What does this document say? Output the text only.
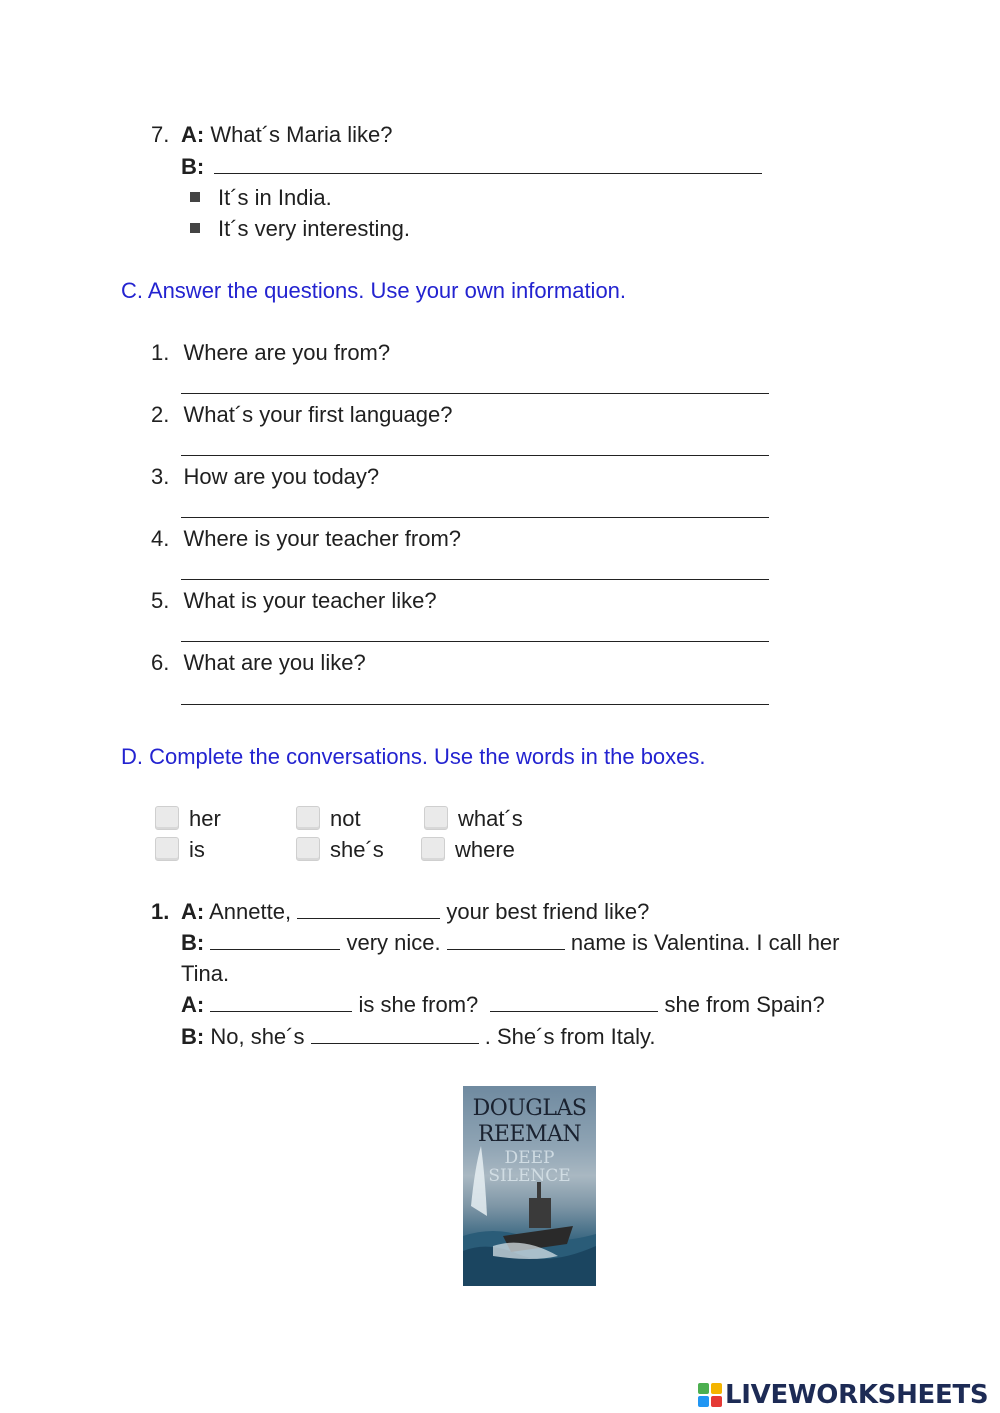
7. A: What´s Maria like?
B:
It´s in India.
It´s very interesting.
C. Answer the questions. Use your own information.
1. Where are you from?
2. What´s your first language?
3. How are you today?
4. Where is your teacher from?
5. What is your teacher like?
6. What are you like?
D. Complete the conversations. Use the words in the boxes.
her	not	what´s
is	she´s	where
1. A: Annette,	your best friend like?
B:	very nice.	name is Valentina. I call her
Tina.
A:	is she from?	she from Spain?
B: No, she´s	. She´s from Italy.
DOUGLAS
REEMAN
DEEP
SILENCE
LIVEWORKSHEETS
